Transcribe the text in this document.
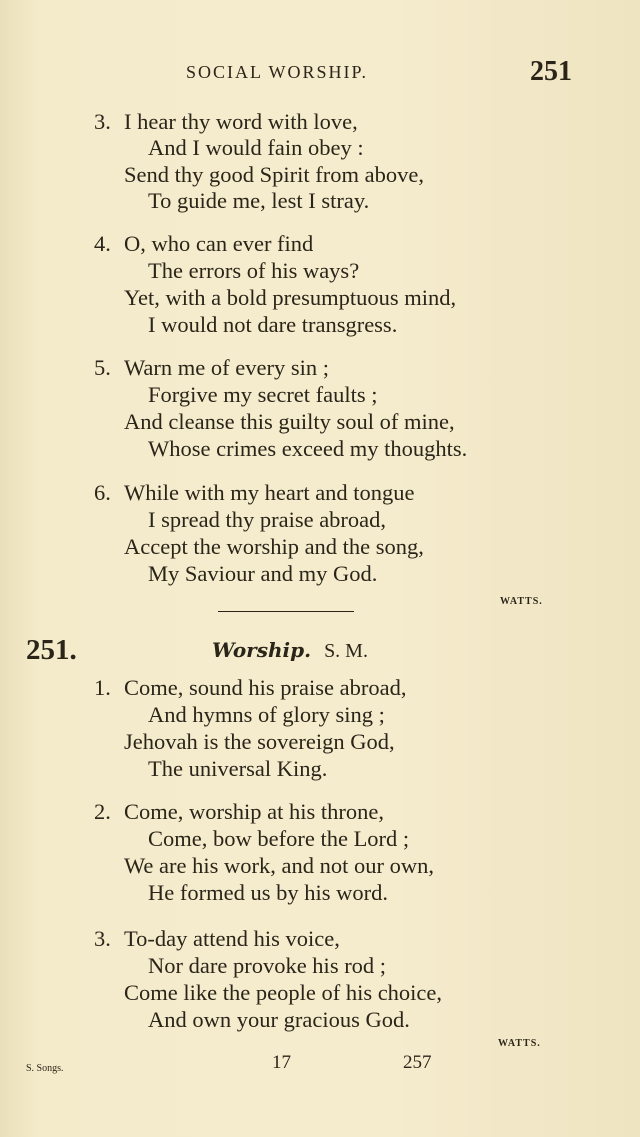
SOCIAL WORSHIP.	251
3. I hear thy word with love,
And I would fain obey :
Send thy good Spirit from above,
To guide me, lest I stray.
4. O, who can ever find
The errors of his ways?
Yet, with a bold presumptuous mind,
I would not dare transgress.
5. Warn me of every sin ;
Forgive my secret faults ;
And cleanse this guilty soul of mine,
Whose crimes exceed my thoughts.
6. While with my heart and tongue
I spread thy praise abroad,
Accept the worship and the song,
My Saviour and my God.
WATTS.
251.	Worship. S. M.
1. Come, sound his praise abroad,
And hymns of glory sing ;
Jehovah is the sovereign God,
The universal King.
2. Come, worship at his throne,
Come, bow before the Lord ;
We are his work, and not our own,
He formed us by his word.
3. To-day attend his voice,
Nor dare provoke his rod ;
Come like the people of his choice,
And own your gracious God.
WATTS.
S. Songs.	17	257
